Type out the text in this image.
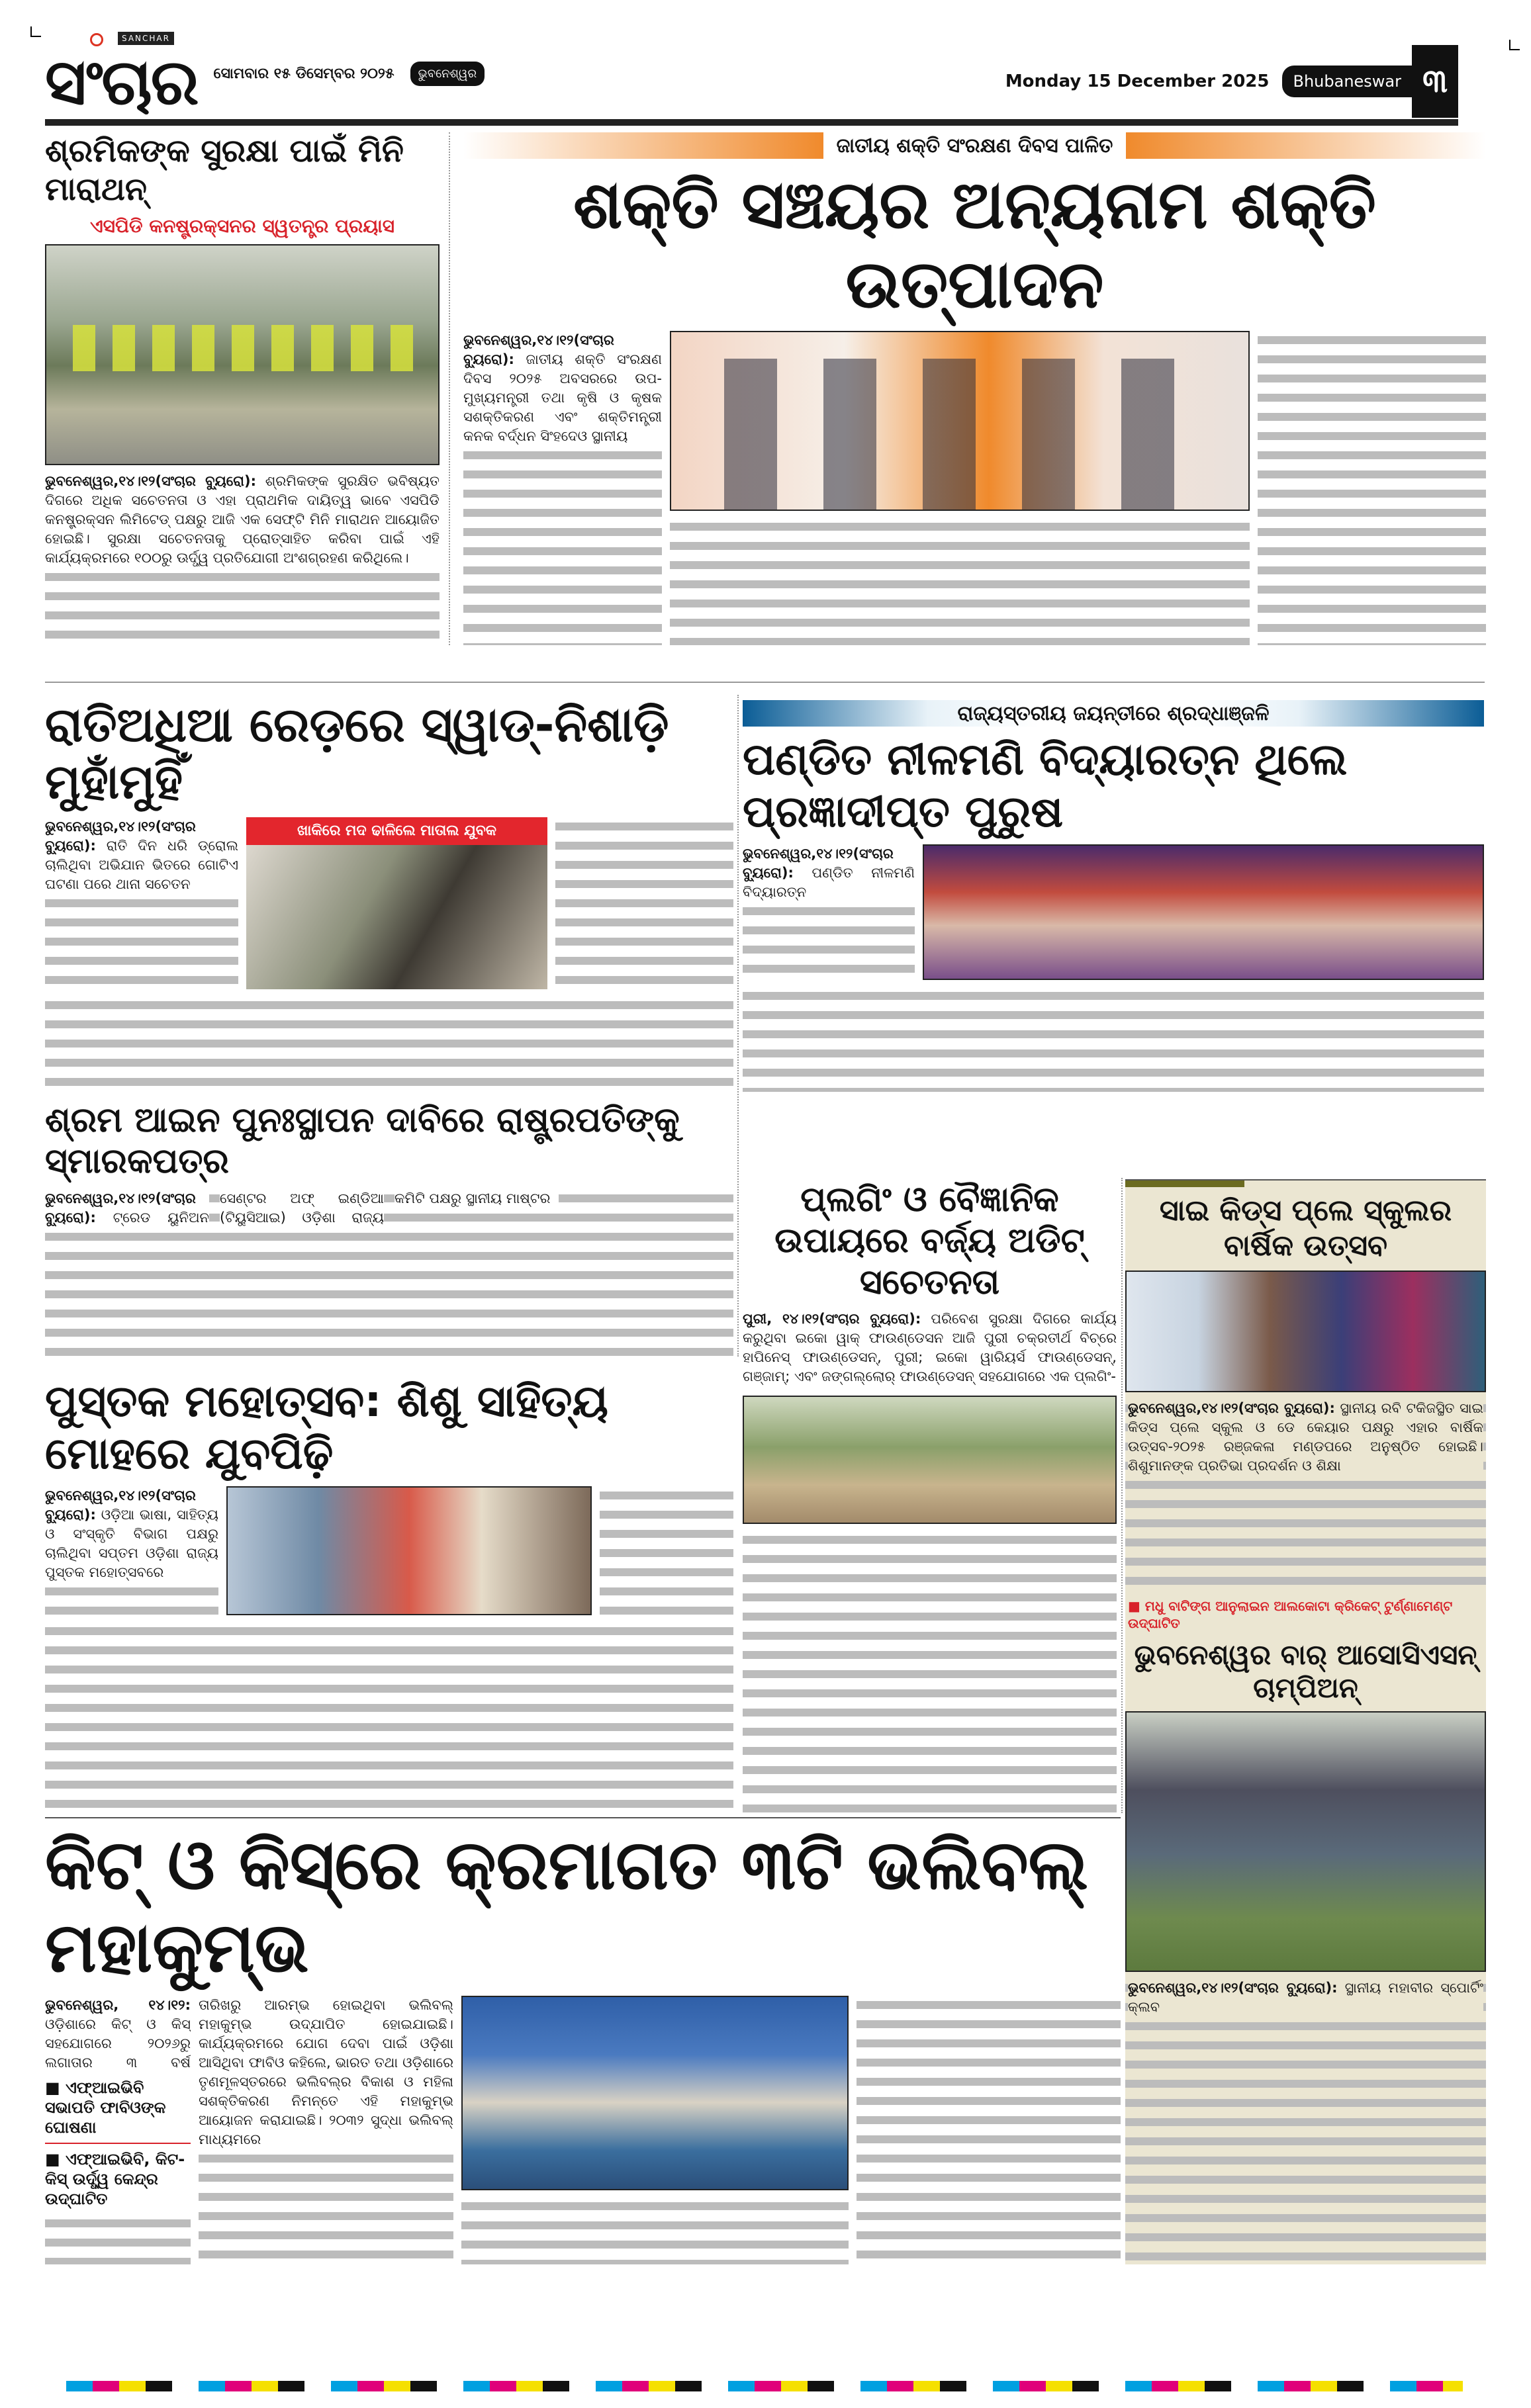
SANCHAR
ସଂଚାର ସୋମବାର ୧୫ ଡିସେମ୍ବର ୨୦୨୫	ଭୁବନେଶ୍ୱର	Monday 15 December 2025	Bhubaneswar ୩
ଶ୍ରମିକଙ୍କ ସୁରକ୍ଷା ପାଇଁ ମିନି ମାରାଥନ୍
ଏସପିଡି କନଷ୍ଟ୍ରକ୍ସନର ସ୍ୱତନ୍ତ୍ର ପ୍ରୟାସ

ଭୁବନେଶ୍ୱର,୧୪।୧୨(ସଂଚାର ବ୍ୟୁରୋ): ଶ୍ରମିକଙ୍କ ସୁରକ୍ଷିତ ଭବିଷ୍ୟତ ଦିଗରେ ଅଧିକ ସଚେତନତା ଓ ଏହା ପ୍ରାଥମିକ ଦାୟିତ୍ୱ ଭାବେ ଏସପିଡି କନଷ୍ଟ୍ରକ୍ସନ ଲିମିଟେଡ୍ ପକ୍ଷରୁ ଆଜି ଏକ ସେଫ୍ଟି ମିନି ମାରାଥନ ଆୟୋଜିତ ହୋଇଛି। ସୁରକ୍ଷା ସଚେତନତାକୁ ପ୍ରୋତ୍ସାହିତ କରିବା ପାଇଁ ଏହି କାର୍ଯ୍ୟକ୍ରମରେ ୧୦୦ରୁ ଊର୍ଦ୍ଧ୍ୱ ପ୍ରତିଯୋଗୀ ଅଂଶଗ୍ରହଣ କରିଥିଲେ।

ଜାତୀୟ ଶକ୍ତି ସଂରକ୍ଷଣ ଦିବସ ପାଳିତ
ଶକ୍ତି ସଞ୍ଚୟର ଅନ୍ୟନାମ ଶକ୍ତି ଉତ୍ପାଦନ

ଭୁବନେଶ୍ୱର,୧୪।୧୨(ସଂଚାର ବ୍ୟୁରୋ): ଜାତୀୟ ଶକ୍ତି ସଂରକ୍ଷଣ ଦିବସ ୨୦୨୫ ଅବସରରେ ଉପ-ମୁଖ୍ୟମନ୍ତ୍ରୀ ତଥା କୃଷି ଓ କୃଷକ ସଶକ୍ତିକରଣ ଏବଂ ଶକ୍ତିମନ୍ତ୍ରୀ କନକ ବର୍ଦ୍ଧନ ସିଂହଦେଓ ସ୍ଥାନୀୟ

ରାତିଅଧିଆ ରେଡ଼ରେ ସ୍ୱାଡ୍-ନିଶାଡ଼ି ମୁହାଁମୁହିଁ

ଭୁବନେଶ୍ୱର,୧୪।୧୨(ସଂଚାର ବ୍ୟୁରୋ): ରାତି ଦିନ ଧରି ଡ୍ରୋଲ ଚାଲିଥିବା ଅଭିଯାନ ଭିତରେ ଗୋଟିଏ ଘଟଣା ପରେ ଥାନା ସଚେତନ

ଖାକିରେ ମଦ ଢାଳିଲେ ମାତାଲ ଯୁବକ
ରାଜ୍ୟସ୍ତରୀୟ ଜୟନ୍ତୀରେ ଶ୍ରଦ୍ଧାଞ୍ଜଳି
ପଣ୍ଡିତ ନୀଳମଣି ବିଦ୍ୟାରତ୍ନ ଥିଲେ ପ୍ରଜ୍ଞାଦୀପ୍ତ ପୁରୁଷ

ଭୁବନେଶ୍ୱର,୧୪।୧୨(ସଂଚାର ବ୍ୟୁରୋ): ପଣ୍ଡିତ ନୀଳମଣି ବିଦ୍ୟାରତ୍ନ

ଶ୍ରମ ଆଇନ ପୁନଃସ୍ଥାପନ ଦାବିରେ ରାଷ୍ଟ୍ରପତିଙ୍କୁ ସ୍ମାରକପତ୍ର

ଭୁବନେଶ୍ୱର,୧୪।୧୨(ସଂଚାର ବ୍ୟୁରୋ): ଟ୍ରେଡ ୟୁନିଅନ ସେଣ୍ଟର ଅଫ୍ ଇଣ୍ଡିଆ (ଟିୟୁସିଆଇ) ଓଡ଼ିଶା ରାଜ୍ୟ କମିଟି ପକ୍ଷରୁ ସ୍ଥାନୀୟ ମାଷ୍ଟର	ପ୍ଲଗିଂ ଓ ବୈଜ୍ଞାନିକ ଉପାୟରେ ବର୍ଜ୍ୟ ଅଡିଟ୍ ସଚେତନତା

ପୁରୀ, ୧୪।୧୨(ସଂଚାର ବ୍ୟୁରୋ): ପରିବେଶ ସୁରକ୍ଷା ଦିଗରେ କାର୍ଯ୍ୟ କରୁଥିବା ଇକୋ ୱାକ୍ ଫାଉଣ୍ଡେସନ ଆଜି ପୁରୀ ଚକ୍ରତୀର୍ଥ ବିଚ୍‌ରେ ହାପିନେସ୍ ଫାଉଣ୍ଡେସନ୍, ପୁରୀ; ଇକୋ ୱାରିୟର୍ସ ଫାଉଣ୍ଡେସନ୍, ଗଞ୍ଜାମ୍; ଏବଂ ଜଙ୍ଗଲ୍‌ଲୋର୍ ଫାଉଣ୍ଡେସନ୍ ସହଯୋଗରେ ଏକ ପ୍ଲଗିଂ-

ସାଇ କିଡ୍ସ ପ୍ଲେ ସ୍କୁଲର ବାର୍ଷିକ ଉତ୍ସବ

ଭୁବନେଶ୍ୱର,୧୪।୧୨(ସଂଚାର ବ୍ୟୁରୋ): ସ୍ଥାନୀୟ ରବି ଟକିଜସ୍ଥିତ ସାଇ କିଡ୍ସ ପ୍ଲେ ସ୍କୁଲ ଓ ଡେ କେୟାର ପକ୍ଷରୁ ଏହାର ବାର୍ଷିକ ଉତ୍ସବ-୨୦୨୫ ରଞ୍ଜକଳା ମଣ୍ଡପରେ ଅନୁଷ୍ଠିତ ହୋଇଛି। ଶିଶୁମାନଙ୍କ ପ୍ରତିଭା ପ୍ରଦର୍ଶନ ଓ ଶିକ୍ଷା

■ ମଧୁ ବାଟିଙ୍ଗ ଆନୁଲାଇନ ଆଲକୋଟା କ୍ରିକେଟ୍ ଟୁର୍ଣ୍ଣାମେଣ୍ଟ ଉଦ୍‌ଘାଟିତ
ଭୁବନେଶ୍ୱର ବାର୍ ଆସୋସିଏସନ୍ ଚାମ୍ପିଅନ୍

ଭୁବନେଶ୍ୱର,୧୪।୧୨(ସଂଚାର ବ୍ୟୁରୋ): ସ୍ଥାନୀୟ ମହାବୀର ସ୍ପୋର୍ଟିଂ କ୍ଲବ

ପୁସ୍ତକ ମହୋତ୍ସବ: ଶିଶୁ ସାହିତ୍ୟ ମୋହରେ ଯୁବପିଢ଼ି

ଭୁବନେଶ୍ୱର,୧୪।୧୨(ସଂଚାର ବ୍ୟୁରୋ): ଓଡ଼ିଆ ଭାଷା, ସାହିତ୍ୟ ଓ ସଂସ୍କୃତି ବିଭାଗ ପକ୍ଷରୁ ଚାଲିଥିବା ସପ୍ତମ ଓଡ଼ିଶା ରାଜ୍ୟ ପୁସ୍ତକ ମହୋତ୍ସବରେ

କିଟ୍ ଓ କିସ୍‌ରେ କ୍ରମାଗତ ୩ଟି ଭଲିବଲ୍ ମହାକୁମ୍ଭ

ଭୁବନେଶ୍ୱର, ୧୪।୧୨: ଓଡ଼ିଶାରେ କିଟ୍ ଓ କିସ୍ ସହଯୋଗରେ ୨୦୨୬ରୁ ଲଗାତାର ୩ ବର୍ଷ

■ ଏଫ୍‌ଆଇଭିବି ସଭାପତି ଫାବିଓଙ୍କ ଘୋଷଣା
■ ଏଫ୍‌ଆଇଭିବି, କିଟ-କିସ୍ ଉର୍ଦ୍ଧ୍ୱ କେନ୍ଦ୍ର ଉଦ୍‌ଘାଟିତ

ତାରିଖରୁ ଆରମ୍ଭ ହୋଇଥିବା ଭଲିବଲ୍ ମହାକୁମ୍ଭ ଉଦ୍‌ଯାପିତ ହୋଇଯାଇଛି। କାର୍ଯ୍ୟକ୍ରମରେ ଯୋଗ ଦେବା ପାଇଁ ଓଡ଼ିଶା ଆସିଥିବା ଫାବିଓ କହିଲେ, ଭାରତ ତଥା ଓଡ଼ିଶାରେ ତୃଣମୂଳସ୍ତରରେ ଭଲିବଲ୍‌ର ବିକାଶ ଓ ମହିଳା ସଶକ୍ତିକରଣ ନିମନ୍ତେ ଏହି ମହାକୁମ୍ଭ ଆୟୋଜନ କରାଯାଇଛି। ୨୦୩୨ ସୁଦ୍ଧା ଭଲିବଲ୍ ମାଧ୍ୟମରେ
